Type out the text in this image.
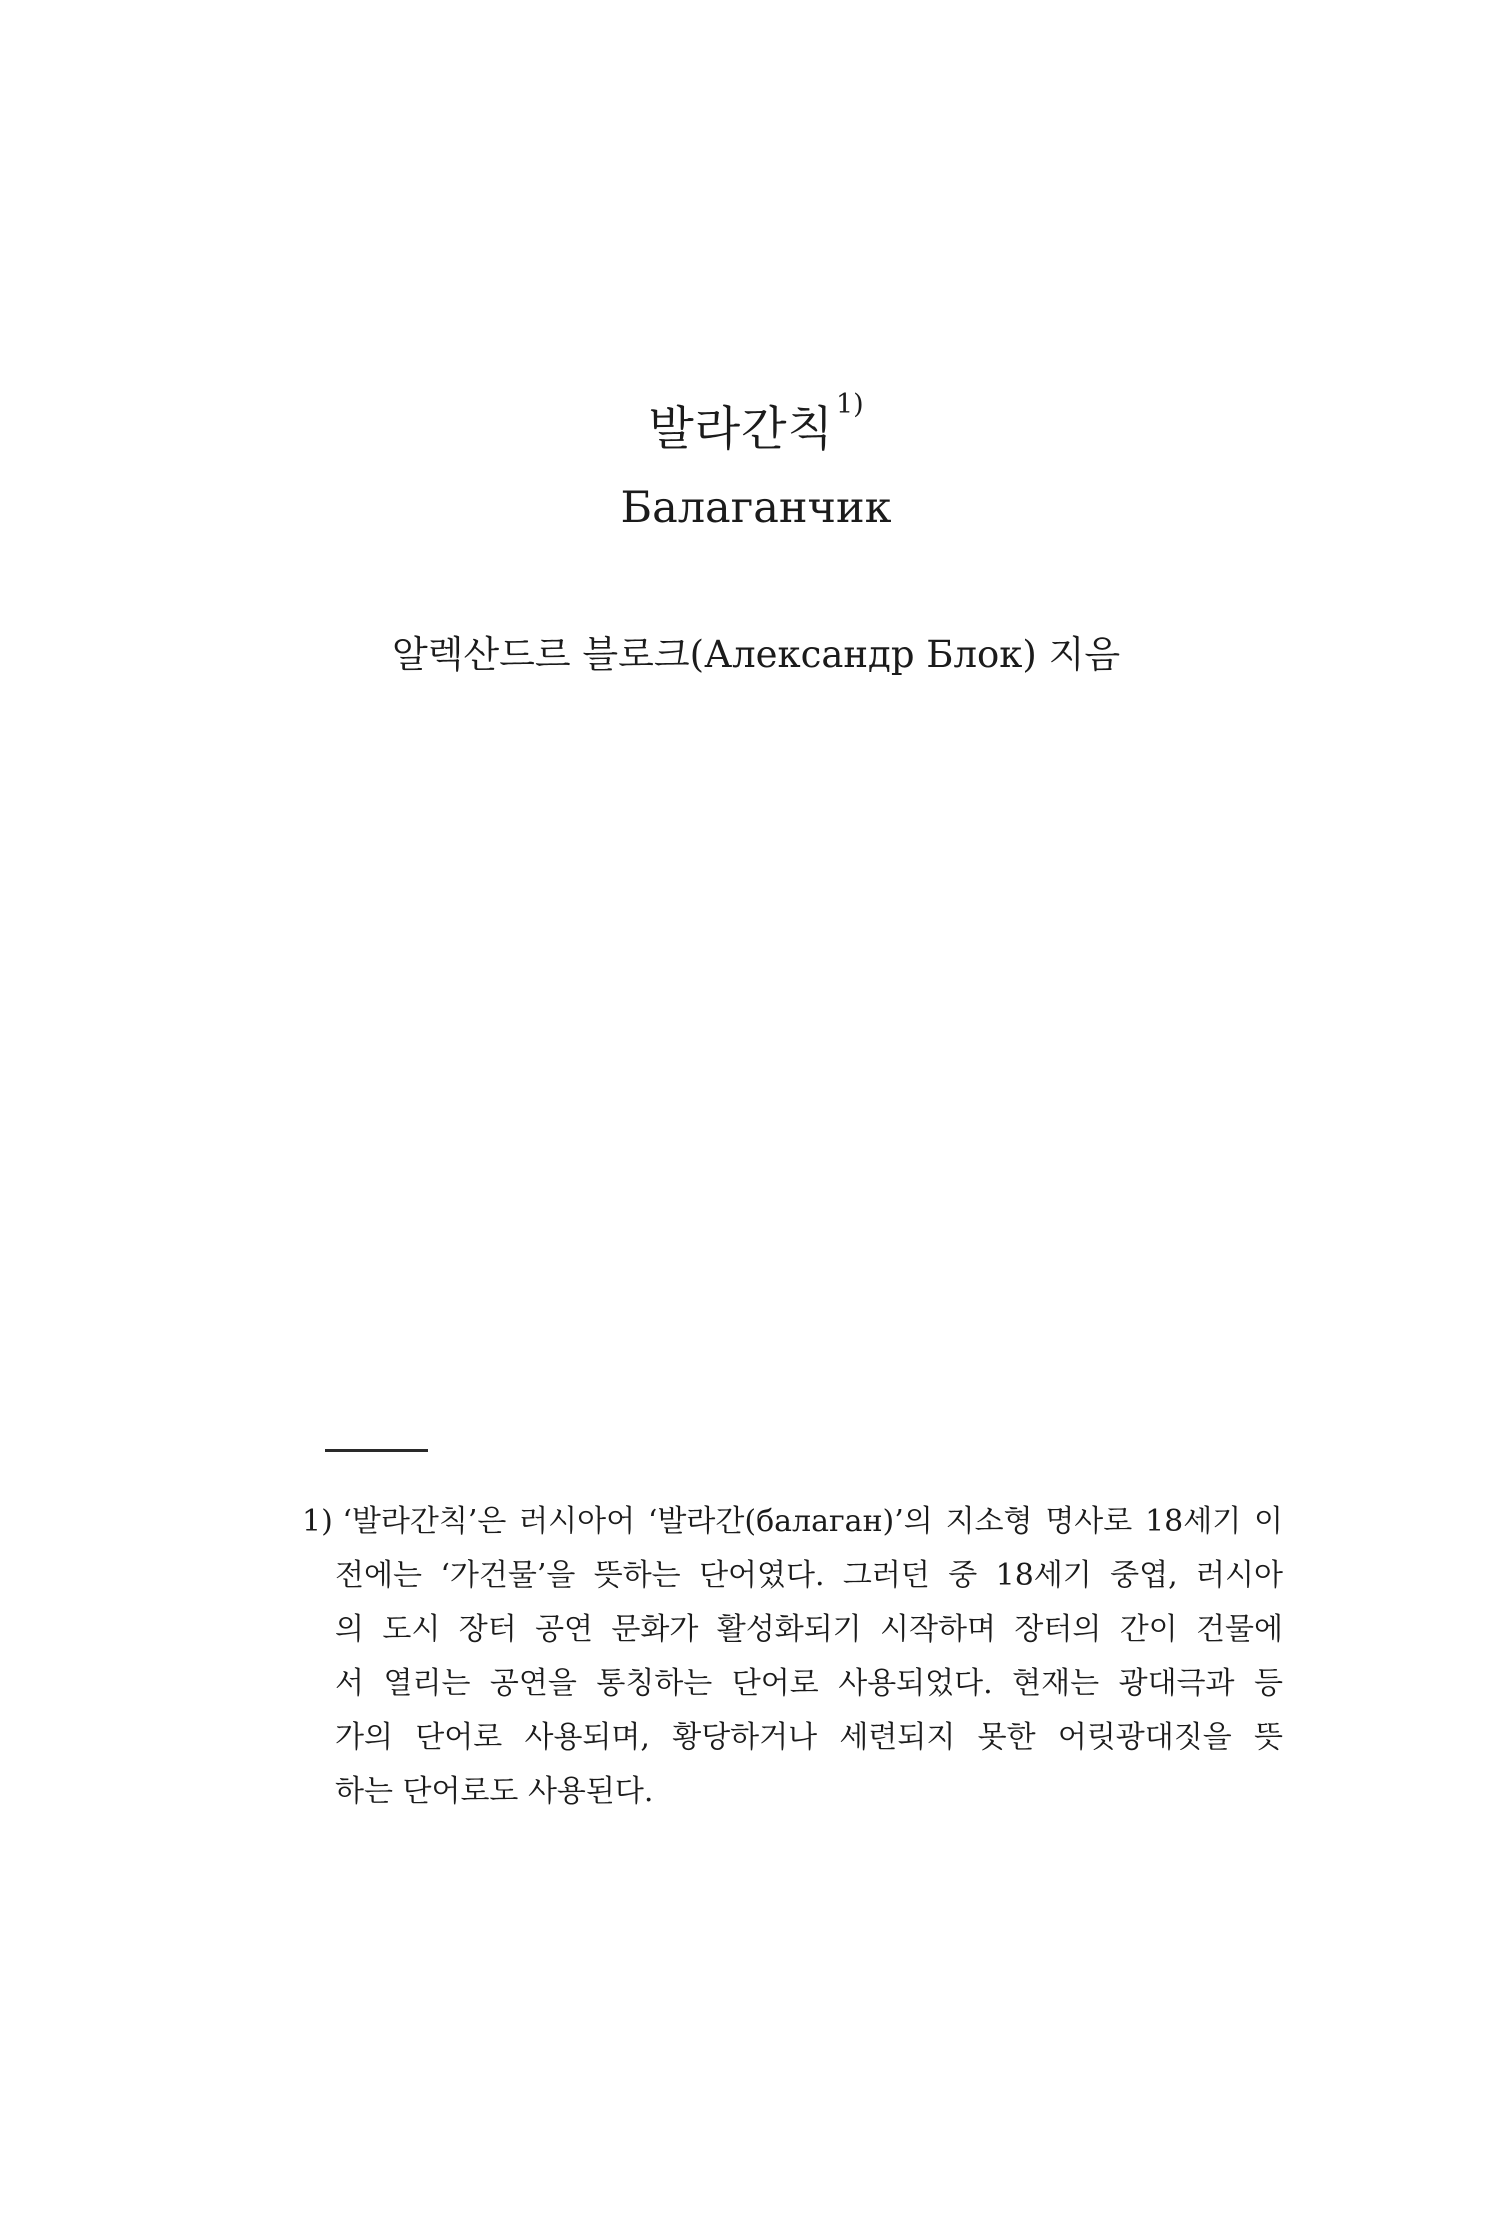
발라간칙$^{1)}$
Балаганчик
알렉산드르 블로크(Александр Блок) 지음
1) ‘발라간칙’은 러시아어 ‘발라간(балаган)’의 지소형 명사로 18세기 이
전에는 ‘가건물’을 뜻하는 단어였다. 그러던 중 18세기 중엽, 러시아
의 도시 장터 공연 문화가 활성화되기 시작하며 장터의 간이 건물에
서 열리는 공연을 통칭하는 단어로 사용되었다. 현재는 광대극과 등
가의 단어로 사용되며, 황당하거나 세련되지 못한 어릿광대짓을 뜻
하는 단어로도 사용된다.
